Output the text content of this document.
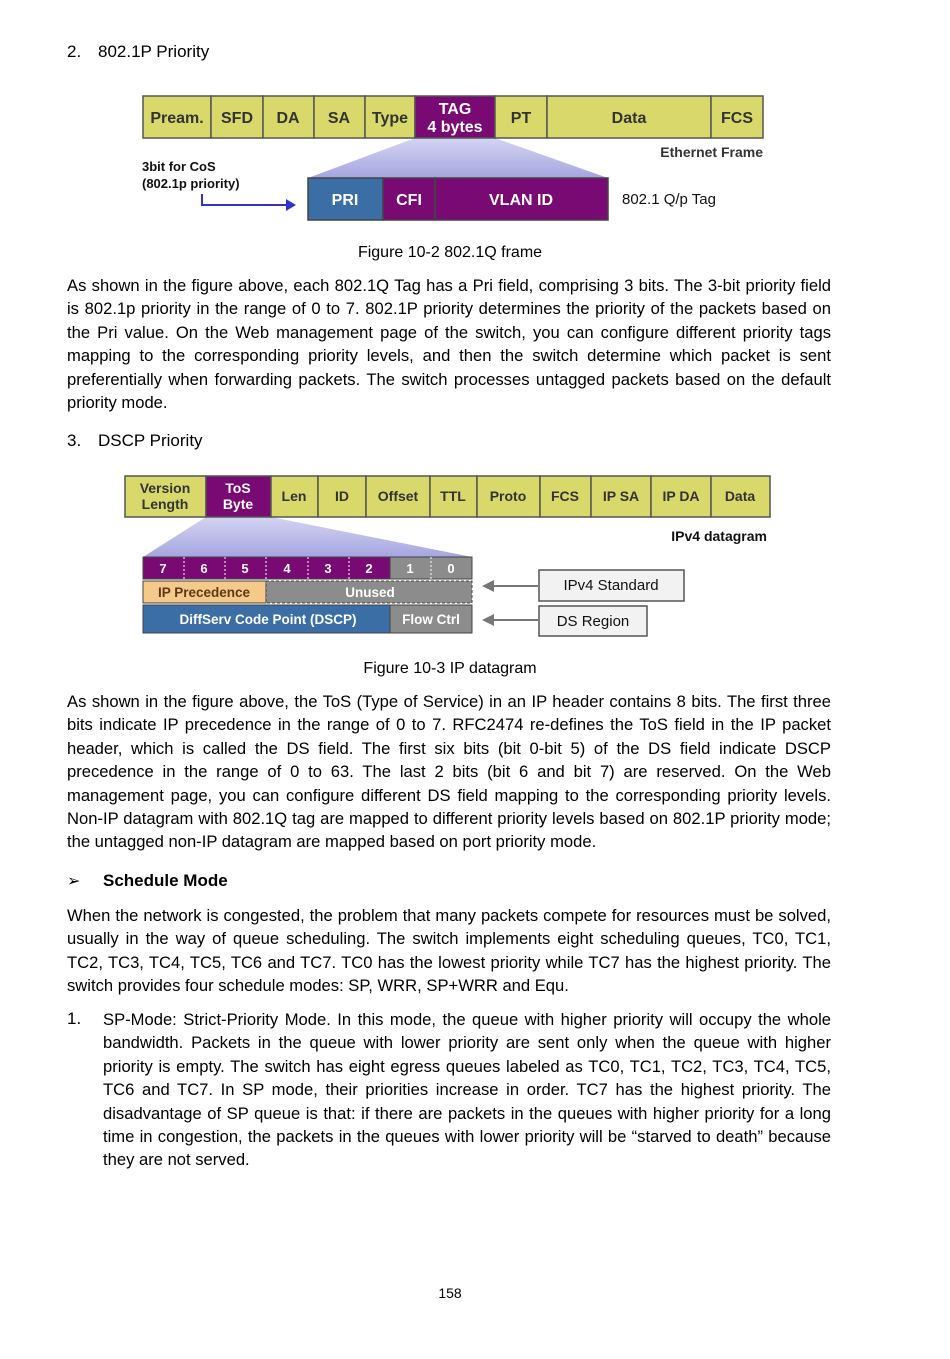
2. 802.1P Priority
Pream. SFD DA SA Type
TAG
4 bytes
PT	Data	FCS
Ethernet Frame
3bit for CoS
(802.1p priority)
PRI CFI	VLAN ID	802.1 Q/p Tag
Figure 10-2 802.1Q frame

As shown in the figure above, each 802.1Q Tag has a Pri field, comprising 3 bits. The 3-bit priority field is 802.1p priority in the range of 0 to 7. 802.1P priority determines the priority of the packets based on the Pri value. On the Web management page of the switch, you can configure different priority tags mapping to the corresponding priority levels, and then the switch determine which packet is sent preferentially when forwarding packets. The switch processes untagged packets based on the default priority mode.

3. DSCP Priority
Version
Length
ToS
Byte Len ID Offset TTL Proto FCS IP SA IP DA Data
IPv4 datagram
7	6	5	4	3	2	1	0
IP Precedence	Unused
DiffServ Code Point (DSCP)	Flow Ctrl
IPv4 Standard
DS Region
Figure 10-3 IP datagram

As shown in the figure above, the ToS (Type of Service) in an IP header contains 8 bits. The first three bits indicate IP precedence in the range of 0 to 7. RFC2474 re-defines the ToS field in the IP packet header, which is called the DS field. The first six bits (bit 0-bit 5) of the DS field indicate DSCP precedence in the range of 0 to 63. The last 2 bits (bit 6 and bit 7) are reserved. On the Web management page, you can configure different DS field mapping to the corresponding priority levels. Non-IP datagram with 802.1Q tag are mapped to different priority levels based on 802.1P priority mode; the untagged non-IP datagram are mapped based on port priority mode.

➢ Schedule Mode

When the network is congested, the problem that many packets compete for resources must be solved, usually in the way of queue scheduling. The switch implements eight scheduling queues, TC0, TC1, TC2, TC3, TC4, TC5, TC6 and TC7. TC0 has the lowest priority while TC7 has the highest priority. The switch provides four schedule modes: SP, WRR, SP+WRR and Equ.

1. SP-Mode: Strict-Priority Mode. In this mode, the queue with higher priority will occupy the whole bandwidth. Packets in the queue with lower priority are sent only when the queue with higher priority is empty. The switch has eight egress queues labeled as TC0, TC1, TC2, TC3, TC4, TC5, TC6 and TC7. In SP mode, their priorities increase in order. TC7 has the highest priority. The disadvantage of SP queue is that: if there are packets in the queues with higher priority for a long time in congestion, the packets in the queues with lower priority will be “starved to death” because they are not served.

158
